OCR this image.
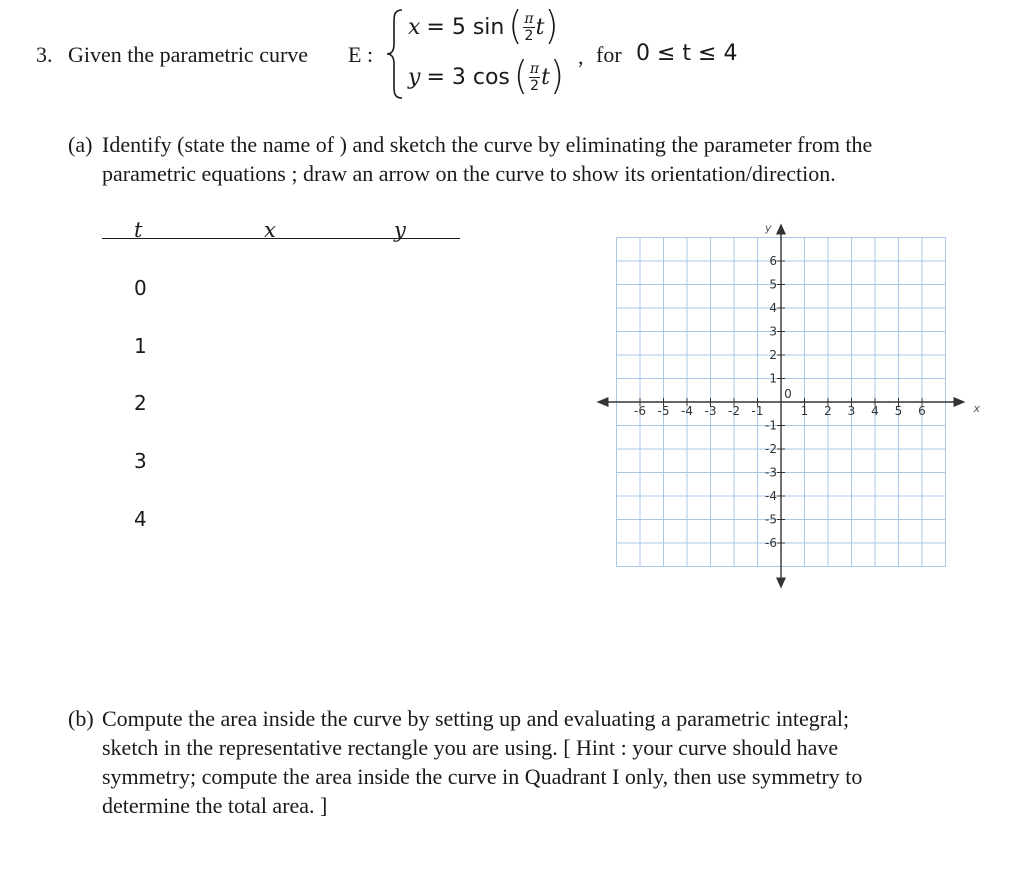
3. Given the parametric curve E :
x = 5 sin ( $\frac{\pi}{2}$ t )
y = 3 cos ( $\frac{\pi}{2}$ t ) , for 0 ≤ t ≤ 4
(a) Identify (state the name of ) and sketch the curve by eliminating the parameter from the
parametric equations ; draw an arrow on the curve to show its orientation/direction.
t	x	y
0
1
2
3
4
-6 -5 -4 -3 -2 -1	1 2 3 4 5 6
6
5
4
3
2
1
-1
-2
-3
-4
-5
-6
0
x
y
(b) Compute the area inside the curve by setting up and evaluating a parametric integral;
sketch in the representative rectangle you are using. [ Hint : your curve should have
symmetry; compute the area inside the curve in Quadrant I only, then use symmetry to
determine the total area. ]
